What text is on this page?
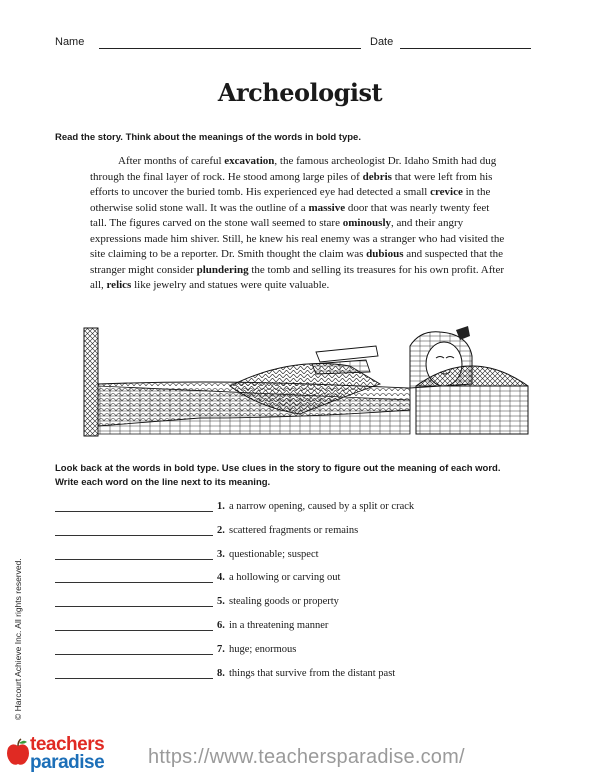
Name	Date
Archeologist
Read the story. Think about the meanings of the words in bold type.

After months of careful excavation, the famous archeologist Dr. Idaho Smith had dug through the final layer of rock. He stood among large piles of debris that were left from his efforts to uncover the buried tomb. His experienced eye had detected a small crevice in the otherwise solid stone wall. It was the outline of a massive door that was nearly twenty feet tall. The figures carved on the stone wall seemed to stare ominously, and their angry expressions made him shiver. Still, he knew his real enemy was a stranger who had visited the site claiming to be a reporter. Dr. Smith thought the claim was dubious and suspected that the stranger might consider plundering the tomb and selling its treasures for his own profit. After all, relics like jewelry and statues were quite valuable.

Look back at the words in bold type. Use clues in the story to figure out the meaning of each word.
Write each word on the line next to its meaning.
1. a narrow opening, caused by a split or crack
2. scattered fragments or remains
3. questionable; suspect
4. a hollowing or carving out
5. stealing goods or property
6. in a threatening manner
7. huge; enormous
8. things that survive from the distant past
© Harcourt Achieve Inc. All rights reserved.
teachers
paradise https://www.teachersparadise.com/
